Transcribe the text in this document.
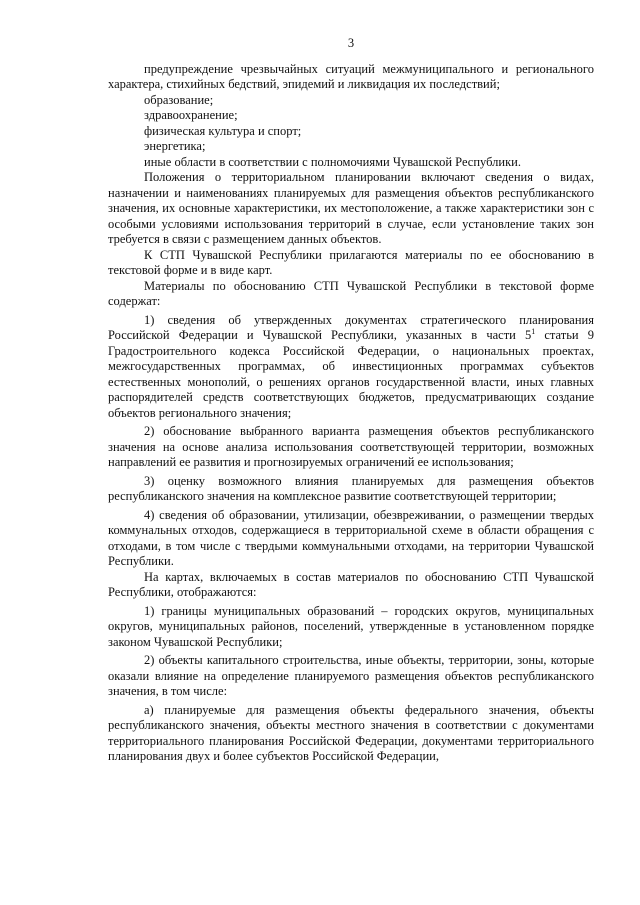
3

предупреждение чрезвычайных ситуаций межмуниципального и регионального характера, стихийных бедствий, эпидемий и ликвидация их последствий;

образование;

здравоохранение;

физическая культура и спорт;

энергетика;

иные области в соответствии с полномочиями Чувашской Республики.

Положения о территориальном планировании включают сведения о видах, назначении и наименованиях планируемых для размещения объектов республиканского значения, их основные характеристики, их местоположение, а также характеристики зон с особыми условиями использования территорий в случае, если установление таких зон требуется в связи с размещением данных объектов.

К СТП Чувашской Республики прилагаются материалы по ее обоснованию в текстовой форме и в виде карт.

Материалы по обоснованию СТП Чувашской Республики в текстовой форме содержат:

1) сведения об утвержденных документах стратегического планирования Российской Федерации и Чувашской Республики, указанных в части $5^1$ статьи 9 Градостроительного кодекса Российской Федерации, о национальных проектах, межгосударственных программах, об инвестиционных программах субъектов естественных монополий, о решениях органов государственной власти, иных главных распорядителей средств соответствующих бюджетов, предусматривающих создание объектов регионального значения;

2) обоснование выбранного варианта размещения объектов республиканского значения на основе анализа использования соответствующей территории, возможных направлений ее развития и прогнозируемых ограничений ее использования;

3) оценку возможного влияния планируемых для размещения объектов республиканского значения на комплексное развитие соответствующей территории;

4) сведения об образовании, утилизации, обезвреживании, о размещении твердых коммунальных отходов, содержащиеся в территориальной схеме в области обращения с отходами, в том числе с твердыми коммунальными отходами, на территории Чувашской Республики.

На картах, включаемых в состав материалов по обоснованию СТП Чувашской Республики, отображаются:

1) границы муниципальных образований – городских округов, муниципальных округов, муниципальных районов, поселений, утвержденные в установленном порядке законом Чувашской Республики;

2) объекты капитального строительства, иные объекты, территории, зоны, которые оказали влияние на определение планируемого размещения объектов республиканского значения, в том числе:

а) планируемые для размещения объекты федерального значения, объекты республиканского значения, объекты местного значения в соответствии с документами территориального планирования Российской Федерации, документами территориального планирования двух и более субъектов Российской Федерации,
